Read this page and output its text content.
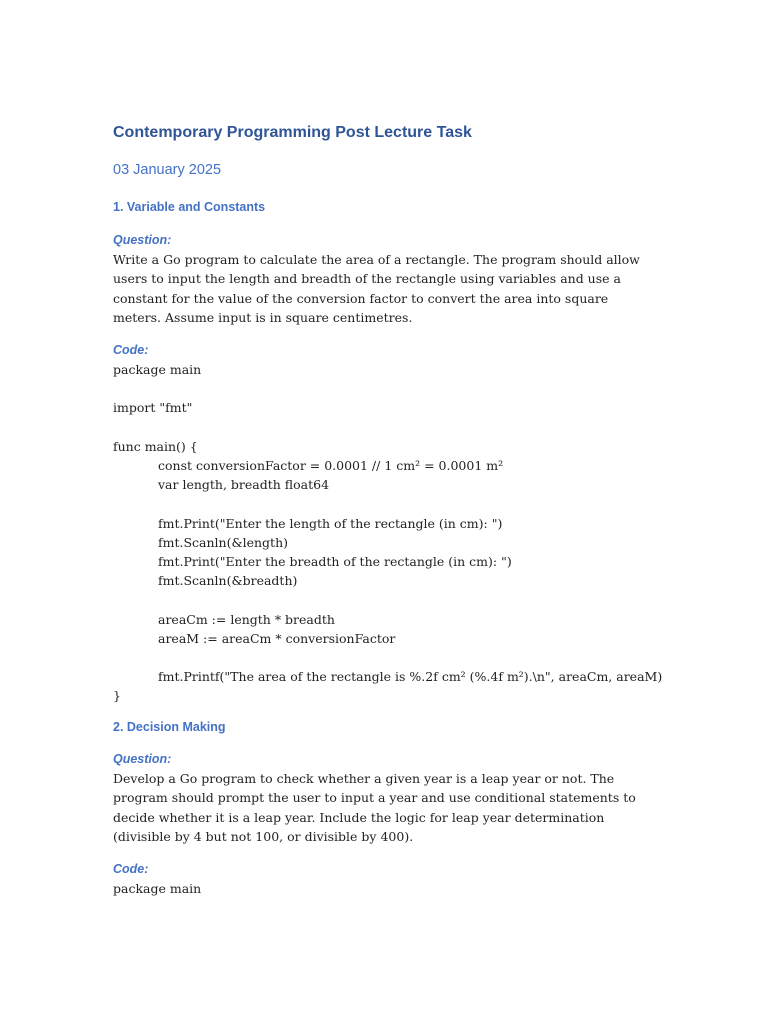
Contemporary Programming Post Lecture Task
03 January 2025
1. Variable and Constants
Question:
Write a Go program to calculate the area of a rectangle. The program should allow users to input the length and breadth of the rectangle using variables and use a constant for the value of the conversion factor to convert the area into square meters. Assume input is in square centimetres.
Code:
package main

import "fmt"

func main() {
const conversionFactor = 0.0001 // 1 cm² = 0.0001 m²
var length, breadth float64

fmt.Print("Enter the length of the rectangle (in cm): ")
fmt.Scanln(&length)
fmt.Print("Enter the breadth of the rectangle (in cm): ")
fmt.Scanln(&breadth)

areaCm := length * breadth
areaM := areaCm * conversionFactor

fmt.Printf("The area of the rectangle is %.2f cm² (%.4f m²).\n", areaCm, areaM)
}
2. Decision Making
Question:
Develop a Go program to check whether a given year is a leap year or not. The program should prompt the user to input a year and use conditional statements to decide whether it is a leap year. Include the logic for leap year determination (divisible by 4 but not 100, or divisible by 400).
Code:
package main
